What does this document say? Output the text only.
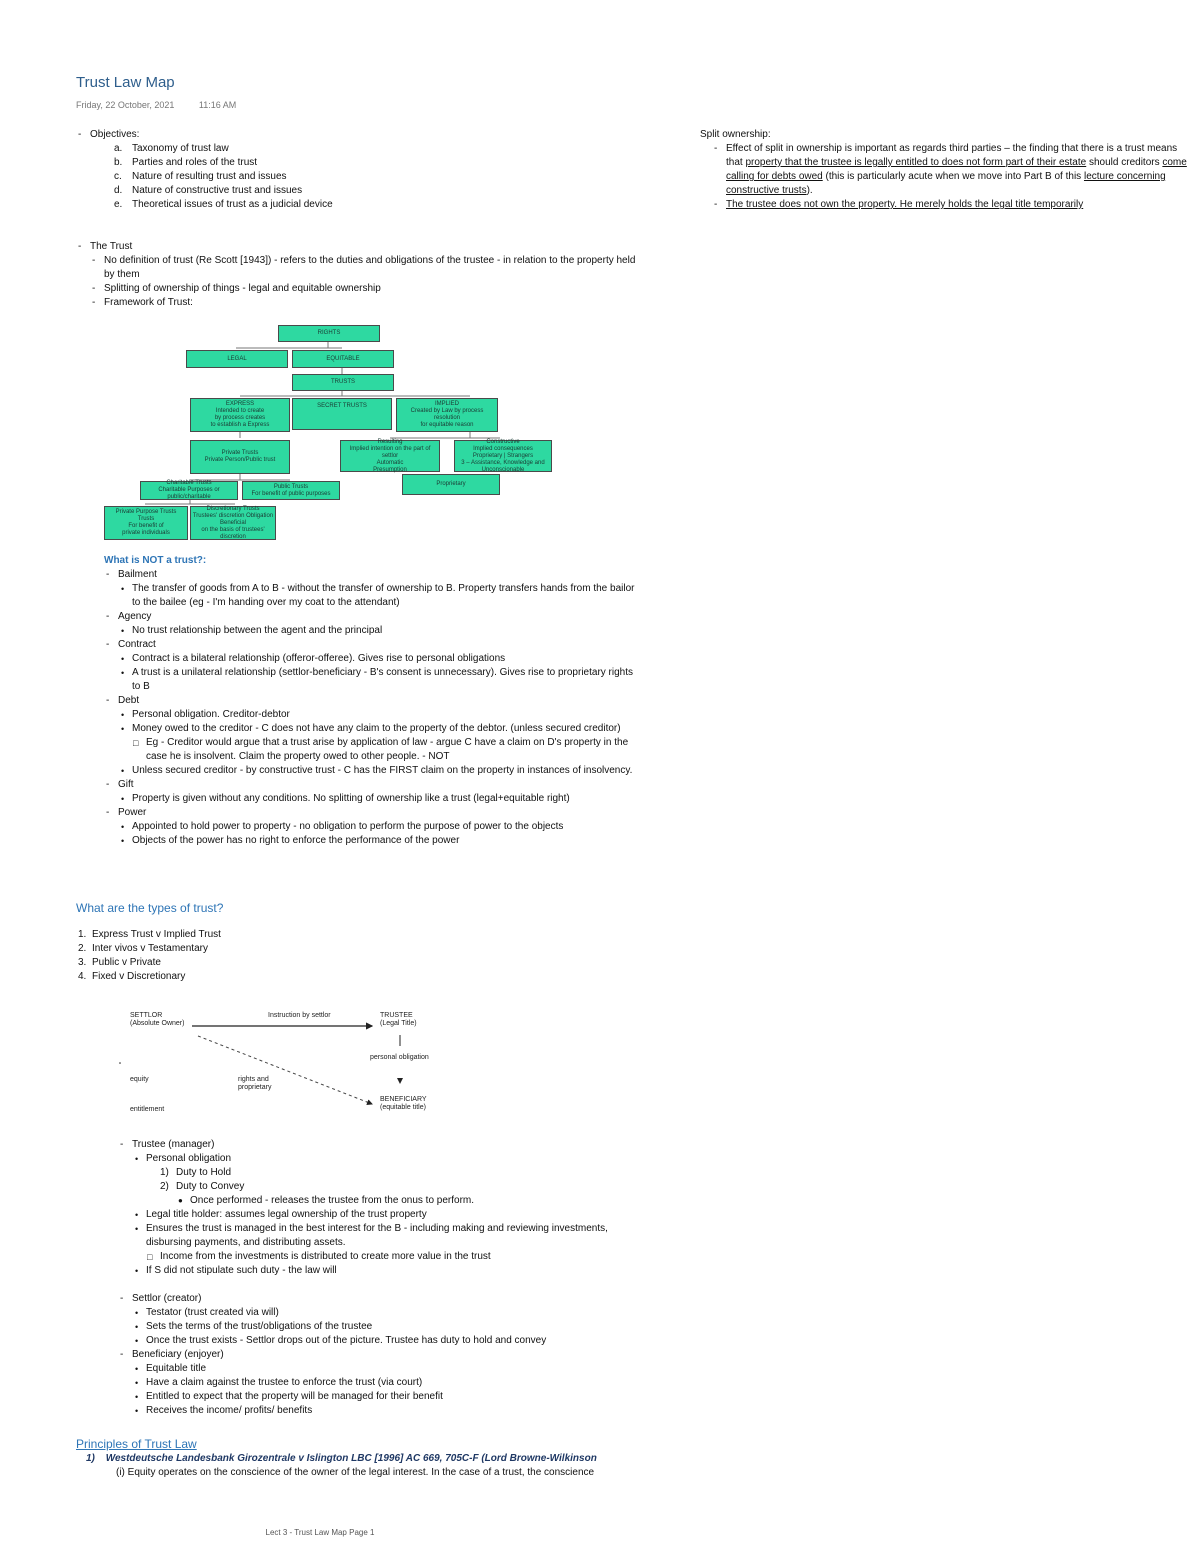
Trust Law Map
Friday, 22 October, 2021	11:16 AM
- Objectives:
a. Taxonomy of trust law
b. Parties and roles of the trust
c. Nature of resulting trust and issues
d. Nature of constructive trust and issues
e. Theoretical issues of trust as a judicial device
Split ownership:
- Effect of split in ownership is important as regards third parties – the finding that there is a trust means that property that the trustee is legally entitled to does not form part of their estate should creditors come calling for debts owed (this is particularly acute when we move into Part B of this lecture concerning constructive trusts).
- The trustee does not own the property. He merely holds the legal title temporarily
- The Trust
- No definition of trust (Re Scott [1943]) - refers to the duties and obligations of the trustee - in relation to the property held by them
- Splitting of ownership of things - legal and equitable ownership
- Framework of Trust:
RIGHTS
LEGAL	EQUITABLE
TRUSTS
EXPRESS
Intended to create
by process creates
to establish a Express
SECRET TRUSTS	IMPLIED
Created by Law by process resolution
for equitable reason
Private Trusts
Private Person/Public trust
Resulting
Implied intention on the part of settlor
Automatic
Presumption
Constructive
Implied consequences
Proprietary | Strangers
3 – Assistance, Knowledge and Unconscionable
Charitable Trusts
Charitable Purposes or public/charitable
Public Trusts
For benefit of public purposes
Proprietary
Private Purpose Trusts
Trusts
For benefit of
private individuals
Discretionary Trusts
Trustees' discretion Obligation
Beneficial
on the basis of trustees' discretion
What is NOT a trust?:
- Bailment
• The transfer of goods from A to B - without the transfer of ownership to B. Property transfers hands from the bailor to the bailee (eg - I'm handing over my coat to the attendant)
- Agency
• No trust relationship between the agent and the principal
- Contract
• Contract is a bilateral relationship (offeror-offeree). Gives rise to personal obligations
• A trust is a unilateral relationship (settlor-beneficiary - B's consent is unnecessary). Gives rise to proprietary rights to B
- Debt
• Personal obligation. Creditor-debtor
• Money owed to the creditor - C does not have any claim to the property of the debtor. (unless secured creditor)
□ Eg - Creditor would argue that a trust arise by application of law - argue C have a claim on D's property in the case he is insolvent. Claim the property owed to other people. - NOT
• Unless secured creditor - by constructive trust - C has the FIRST claim on the property in instances of insolvency.
- Gift
• Property is given without any conditions. No splitting of ownership like a trust (legal+equitable right)
- Power
• Appointed to hold power to property - no obligation to perform the purpose of power to the objects
• Objects of the power has no right to enforce the performance of the power
What are the types of trust?
1. Express Trust v Implied Trust
2. Inter vivos v Testamentary
3. Public v Private
4. Fixed v Discretionary
SETTLOR
(Absolute Owner)
Instruction by settlor	TRUSTEE
(Legal Title)
personal obligation
equity	rights and
proprietary
BENEFICIARY
(equitable title)
entitlement
- Trustee (manager)
• Personal obligation
1) Duty to Hold
2) Duty to Convey
● Once performed - releases the trustee from the onus to perform.
• Legal title holder: assumes legal ownership of the trust property
• Ensures the trust is managed in the best interest for the B - including making and reviewing investments, disbursing payments, and distributing assets.
□ Income from the investments is distributed to create more value in the trust
• If S did not stipulate such duty - the law will
- Settlor (creator)
• Testator (trust created via will)
• Sets the terms of the trust/obligations of the trustee
• Once the trust exists - Settlor drops out of the picture. Trustee has duty to hold and convey
- Beneficiary (enjoyer)
• Equitable title
• Have a claim against the trustee to enforce the trust (via court)
• Entitled to expect that the property will be managed for their benefit
• Receives the income/ profits/ benefits
Principles of Trust Law
1) Westdeutsche Landesbank Girozentrale v Islington LBC [1996] AC 669, 705C-F (Lord Browne-Wilkinson
(i) Equity operates on the conscience of the owner of the legal interest. In the case of a trust, the conscience
Lect 3 - Trust Law Map Page 1
